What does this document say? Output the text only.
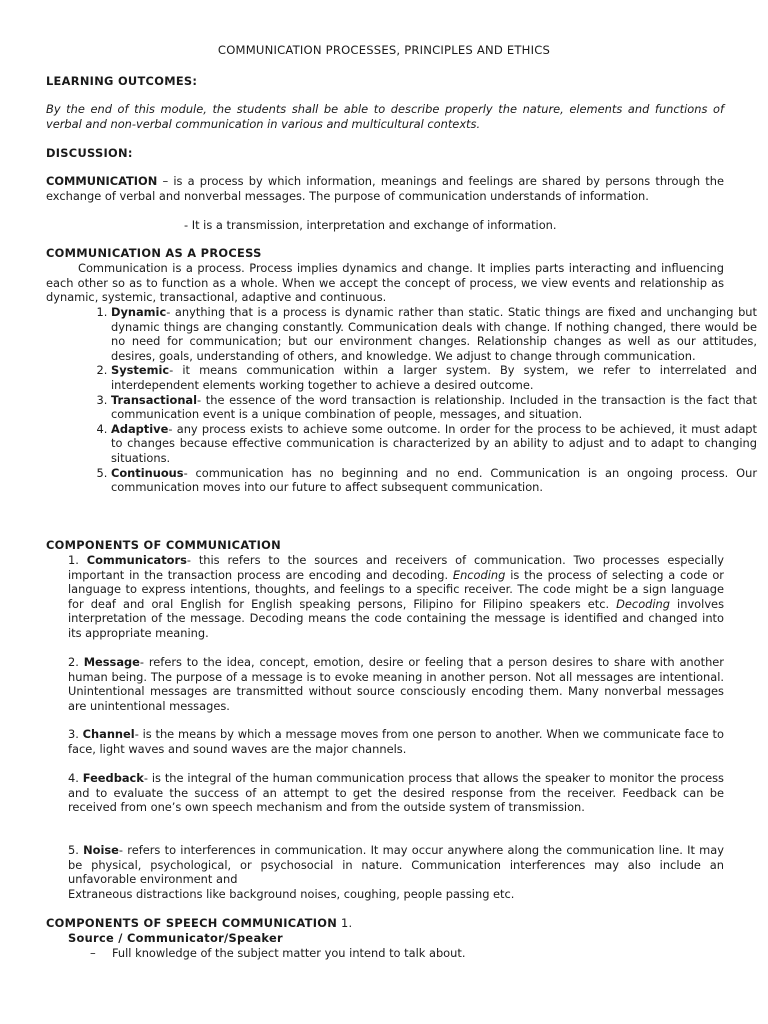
COMMUNICATION PROCESSES, PRINCIPLES AND ETHICS
LEARNING OUTCOMES:
By the end of this module, the students shall be able to describe properly the nature, elements and functions of verbal and non-verbal communication in various and multicultural contexts.
DISCUSSION:
COMMUNICATION – is a process by which information, meanings and feelings are shared by persons through the exchange of verbal and nonverbal messages. The purpose of communication understands of information.
- It is a transmission, interpretation and exchange of information.
COMMUNICATION AS A PROCESS
Communication is a process. Process implies dynamics and change. It implies parts interacting and influencing each other so as to function as a whole. When we accept the concept of process, we view events and relationship as dynamic, systemic, transactional, adaptive and continuous.
1. Dynamic- anything that is a process is dynamic rather than static. Static things are fixed and unchanging but dynamic things are changing constantly. Communication deals with change. If nothing changed, there would be no need for communication; but our environment changes. Relationship changes as well as our attitudes, desires, goals, understanding of others, and knowledge. We adjust to change through communication.
2. Systemic- it means communication within a larger system. By system, we refer to interrelated and interdependent elements working together to achieve a desired outcome.
3. Transactional- the essence of the word transaction is relationship. Included in the transaction is the fact that communication event is a unique combination of people, messages, and situation.
4. Adaptive- any process exists to achieve some outcome. In order for the process to be achieved, it must adapt to changes because effective communication is characterized by an ability to adjust and to adapt to changing situations.
5. Continuous- communication has no beginning and no end. Communication is an ongoing process. Our communication moves into our future to affect subsequent communication.
COMPONENTS OF COMMUNICATION
1. Communicators- this refers to the sources and receivers of communication. Two processes especially important in the transaction process are encoding and decoding. Encoding is the process of selecting a code or language to express intentions, thoughts, and feelings to a specific receiver. The code might be a sign language for deaf and oral English for English speaking persons, Filipino for Filipino speakers etc. Decoding involves interpretation of the message. Decoding means the code containing the message is identified and changed into its appropriate meaning.
2. Message- refers to the idea, concept, emotion, desire or feeling that a person desires to share with another human being. The purpose of a message is to evoke meaning in another person. Not all messages are intentional. Unintentional messages are transmitted without source consciously encoding them. Many nonverbal messages are unintentional messages.
3. Channel- is the means by which a message moves from one person to another. When we communicate face to face, light waves and sound waves are the major channels.
4. Feedback- is the integral of the human communication process that allows the speaker to monitor the process and to evaluate the success of an attempt to get the desired response from the receiver. Feedback can be received from one’s own speech mechanism and from the outside system of transmission.
5. Noise- refers to interferences in communication. It may occur anywhere along the communication line. It may be physical, psychological, or psychosocial in nature. Communication interferences may also include an unfavorable environment and
Extraneous distractions like background noises, coughing, people passing etc.
COMPONENTS OF SPEECH COMMUNICATION 1.
Source / Communicator/Speaker
– Full knowledge of the subject matter you intend to talk about.
